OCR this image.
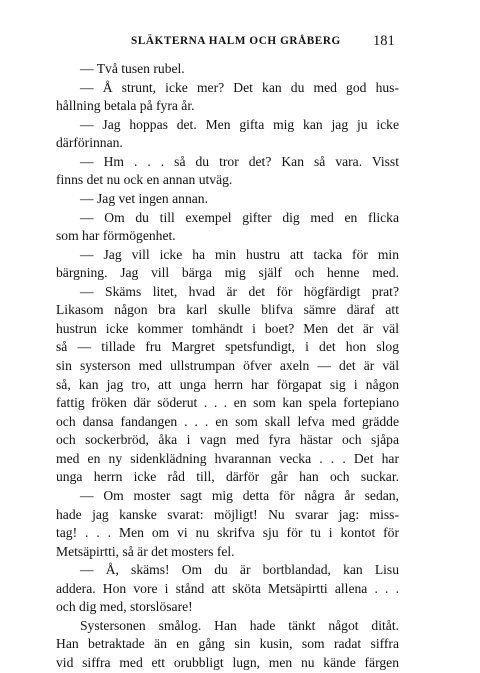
SLÄKTERNA HALM OCH GRÅBERG 181
— Två tusen rubel.
— Å strunt, icke mer? Det kan du med god hus-
hållning betala på fyra år.
— Jag hoppas det. Men gifta mig kan jag ju icke
därförinnan.
— Hm . . . så du tror det? Kan så vara. Visst
finns det nu ock en annan utväg.
— Jag vet ingen annan.
— Om du till exempel gifter dig med en flicka
som har förmögenhet.
— Jag vill icke ha min hustru att tacka för min
bärgning. Jag vill bärga mig själf och henne med.
— Skäms litet, hvad är det för högfärdigt prat?
Likasom någon bra karl skulle blifva sämre däraf att
hustrun icke kommer tomhändt i boet? Men det är väl
så — tillade fru Margret spetsfundigt, i det hon slog
sin systerson med ullstrumpan öfver axeln — det är väl
så, kan jag tro, att unga herrn har förgapat sig i någon
fattig fröken där söderut . . . en som kan spela fortepiano
och dansa fandangen . . . en som skall lefva med grädde
och sockerbröd, åka i vagn med fyra hästar och sjåpa
med en ny sidenklädning hvarannan vecka . . . Det har
unga herrn icke råd till, därför går han och suckar.
— Om moster sagt mig detta för några år sedan,
hade jag kanske svarat: möjligt! Nu svarar jag: miss-
tag! . . . Men om vi nu skrifva sju för tu i kontot för
Metsäpirtti, så är det mosters fel.
— Å, skäms! Om du är bortblandad, kan Lisu
addera. Hon vore i stånd att sköta Metsäpirtti allena . . .
och dig med, storslösare!
Systersonen smålog. Han hade tänkt något ditåt.
Han betraktade än en gång sin kusin, som radat siffra
vid siffra med ett orubbligt lugn, men nu kände färgen
